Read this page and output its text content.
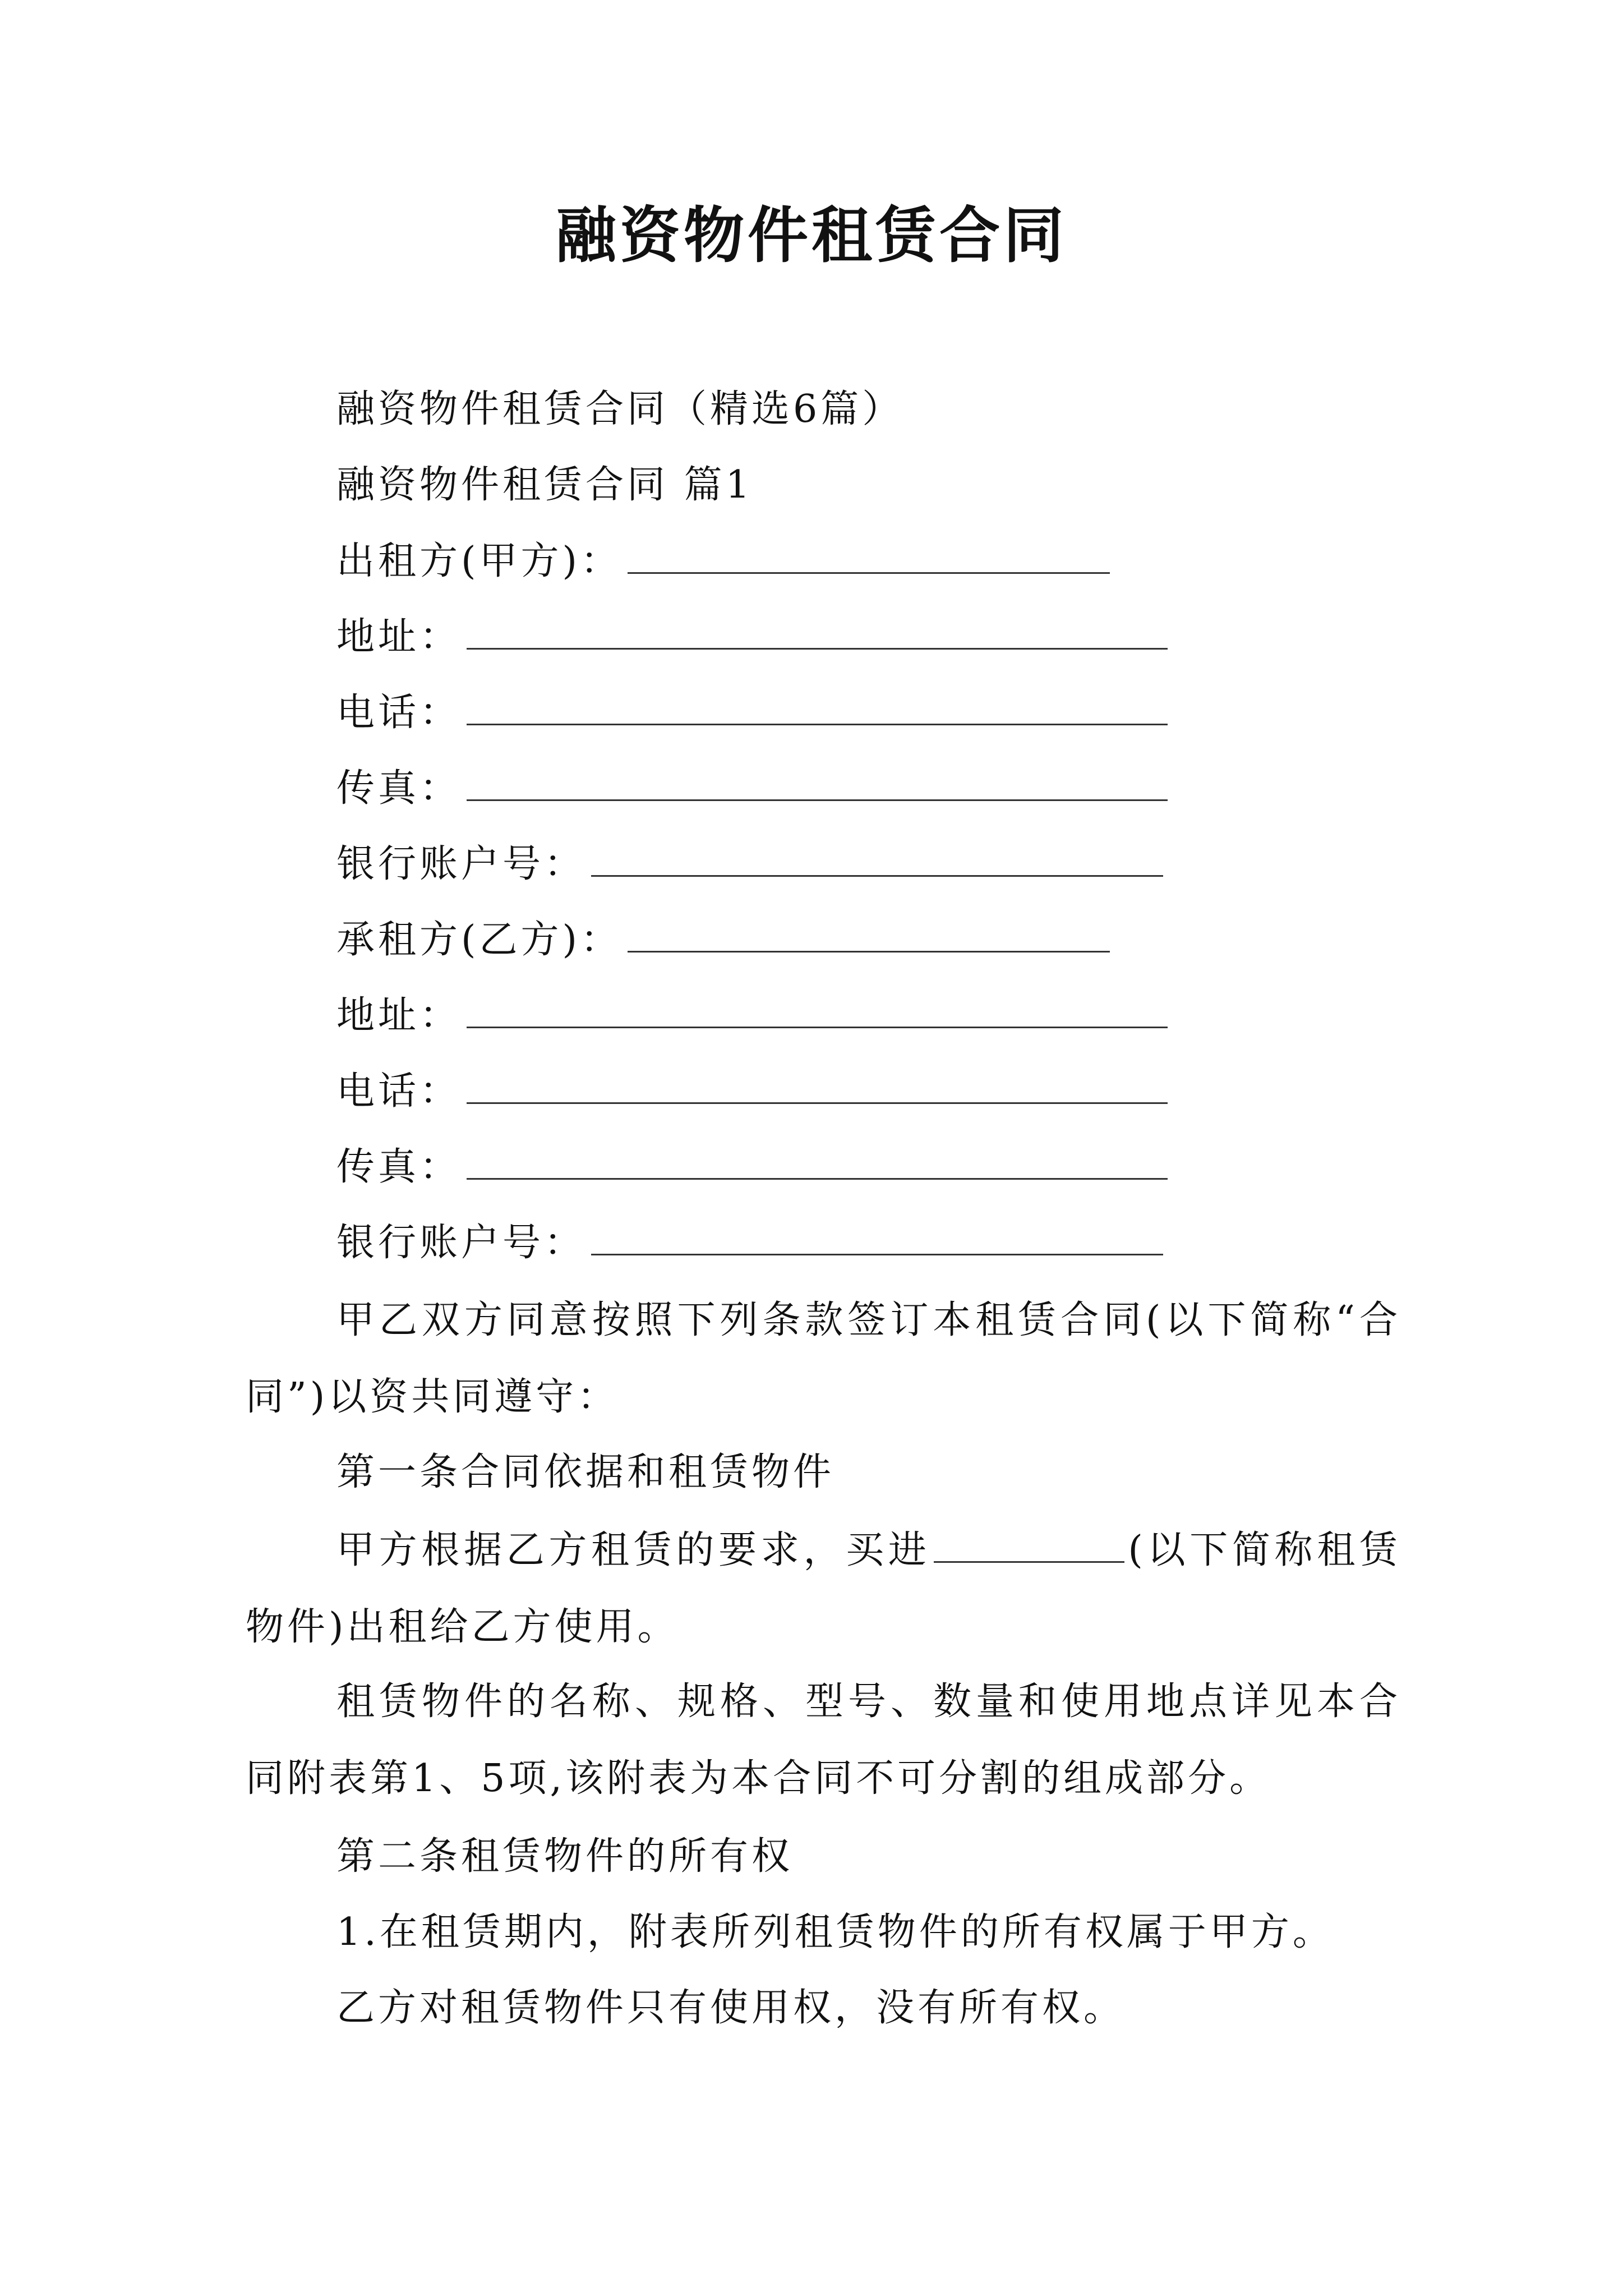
融资物件租赁合同
融资物件租赁合同（精选6篇）
融资物件租赁合同 篇1
出租方(甲方)：
地址：
电话：
传真：
银行账户号：
承租方(乙方)：
地址：
电话：
传真：
银行账户号：
甲乙双方同意按照下列条款签订本租赁合同(以下简称“合同”)以资共同遵守：
第一条合同依据和租赁物件
甲方根据乙方租赁的要求，买进	(以下简称租赁物件)出租给乙方使用。
租赁物件的名称、规格、型号、数量和使用地点详见本合同附表第1、5项,该附表为本合同不可分割的组成部分。
第二条租赁物件的所有权
1.在租赁期内，附表所列租赁物件的所有权属于甲方。
乙方对租赁物件只有使用权，没有所有权。
